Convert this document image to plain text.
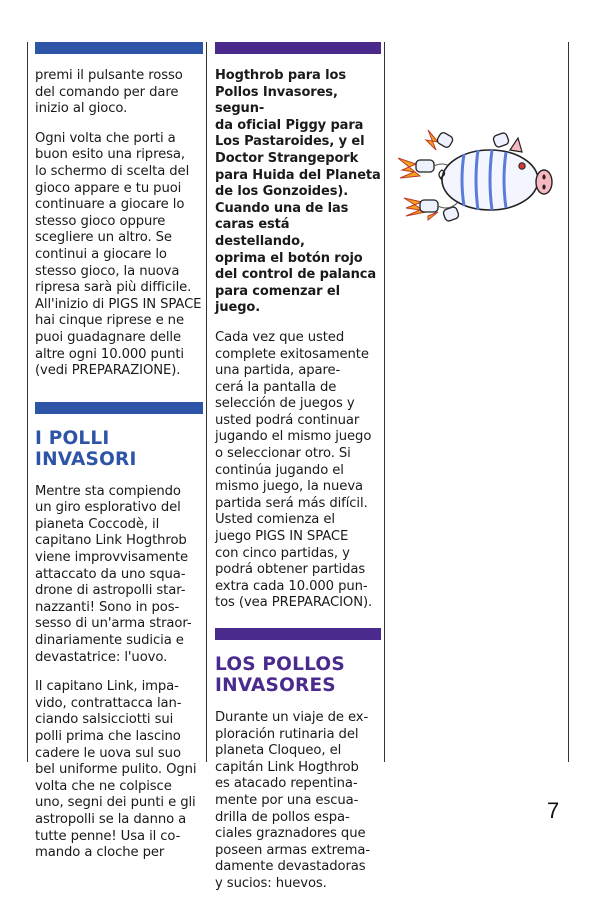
premi il pulsante rosso
del comando per dare
inizio al gioco.

Ogni volta che porti a
buon esito una ripresa,
lo schermo di scelta del
gioco appare e tu puoi
continuare a giocare lo
stesso gioco oppure
scegliere un altro. Se
continui a giocare lo
stesso gioco, la nuova
ripresa sarà più difficile.
All'inizio di PIGS IN SPACE
hai cinque riprese e ne
puoi guadagnare delle
altre ogni 10.000 punti
(vedi PREPARAZIONE).

I POLLI
INVASORI

Mentre sta compiendo
un giro esplorativo del
pianeta Coccodè, il
capitano Link Hogthrob
viene improvvisamente
attaccato da uno squa-
drone di astropolli star-
nazzanti! Sono in pos-
sesso di un'arma straor-
dinariamente sudicia e
devastatrice: l'uovo.

Il capitano Link, impa-
vido, contrattacca lan-
ciando salsicciotti sui
polli prima che lascino
cadere le uova sul suo
bel uniforme pulito. Ogni
volta che ne colpisce
uno, segni dei punti e gli
astropolli se la danno a
tutte penne! Usa il co-
mando a cloche per

Hogthrob para los
Pollos Invasores, segun-
da oficial Piggy para
Los Pastaroides, y el
Doctor Strangepork
para Huida del Planeta
de los Gonzoides).
Cuando una de las
caras está destellando,
oprima el botón rojo
del control de palanca
para comenzar el
juego.

Cada vez que usted
complete exitosamente
una partida, apare-
cerá la pantalla de
selección de juegos y
usted podrá continuar
jugando el mismo juego
o seleccionar otro. Si
continúa jugando el
mismo juego, la nueva
partida será más difícil.
Usted comienza el
juego PIGS IN SPACE
con cinco partidas, y
podrá obtener partidas
extra cada 10.000 pun-
tos (vea PREPARACION).

LOS POLLOS
INVASORES

Durante un viaje de ex-
ploración rutinaria del
planeta Cloqueo, el
capitán Link Hogthrob
es atacado repentina-
mente por una escua-
drilla de pollos espa-
ciales graznadores que
poseen armas extrema-
damente devastadoras
y sucios: huevos.

7
